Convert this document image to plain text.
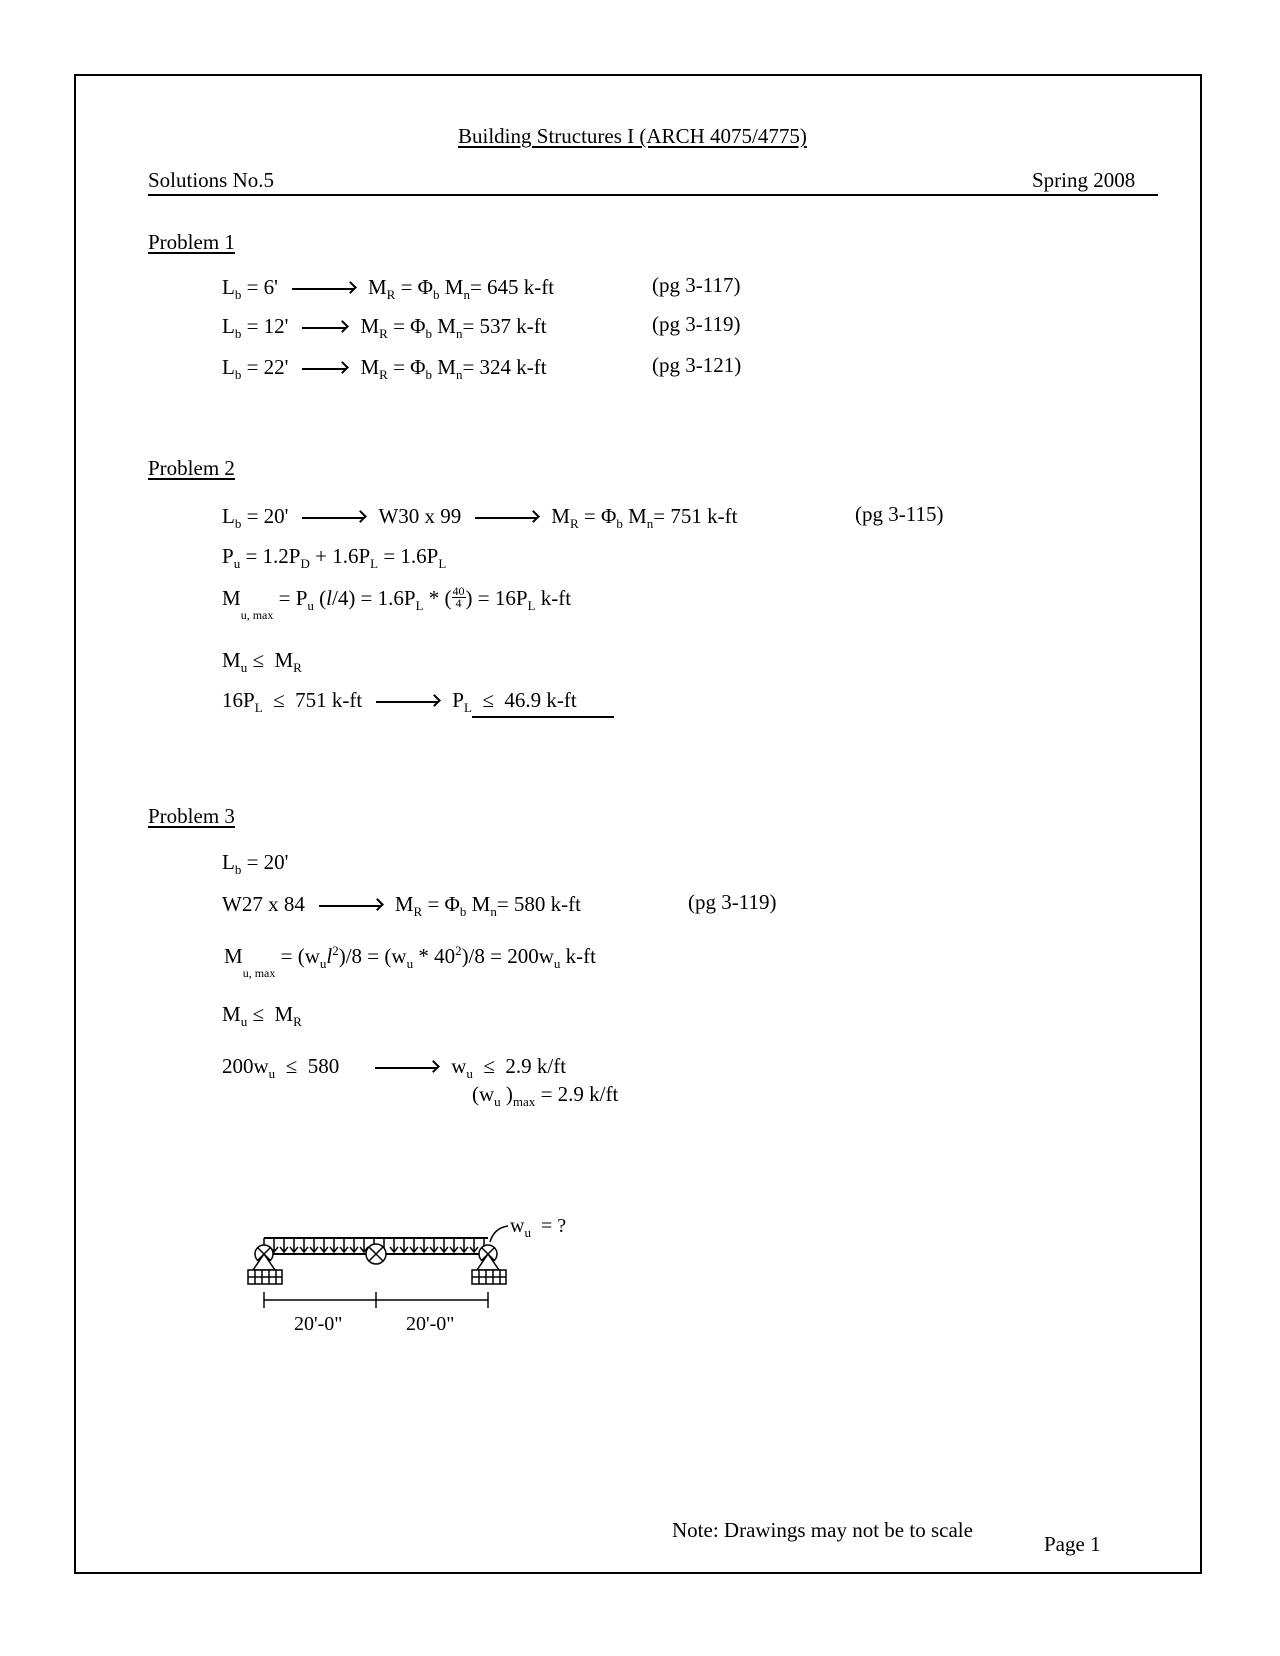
Building Structures I (ARCH 4075/4775)
Solutions No.5	Spring 2008
Problem 1
$L_b = 6'$	$M_R = \Phi_b$ $M_n= 645$ k-ft	(pg 3-117)
$L_b = 12'$	$M_R = \Phi_b$ $M_n= 537$ k-ft	(pg 3-119)
$L_b = 22'$	$M_R = \Phi_b$ $M_n= 324$ k-ft	(pg 3-121)
Problem 2
$L_b = 20'$	W30 x 99	$M_R = \Phi_b$ $M_n= 751$ k-ft	(pg 3-115)
$P_u = 1.2P_D + 1.6P_L = 1.6P_L$
$M_{u, max} = P_u$ $(l/4) = 1.6P_L$ * ( $\frac{40}{4}$ ) = $16P_L$ k-ft
$M_u \le M_R$
$16P_L \le 751$ k-ft	$P_L \le 46.9$ k-ft
Problem 3
$L_b = 20'$
W27 x 84	$M_R = \Phi_b$ $M_n= 580$ k-ft	(pg 3-119)
$M_{u, max} = (w_ul^2)/8 = (w_u * 40^2)/8 = 200w_u$ k-ft
$M_u \le M_R$
$200w_u \le 580$	$w_u \le 2.9$ k/ft
($w_u$ )$_{max} = 2.9$ k/ft
$w_u$ = ?
20'-0"	20'-0"
Note: Drawings may not be to scale
Page 1
